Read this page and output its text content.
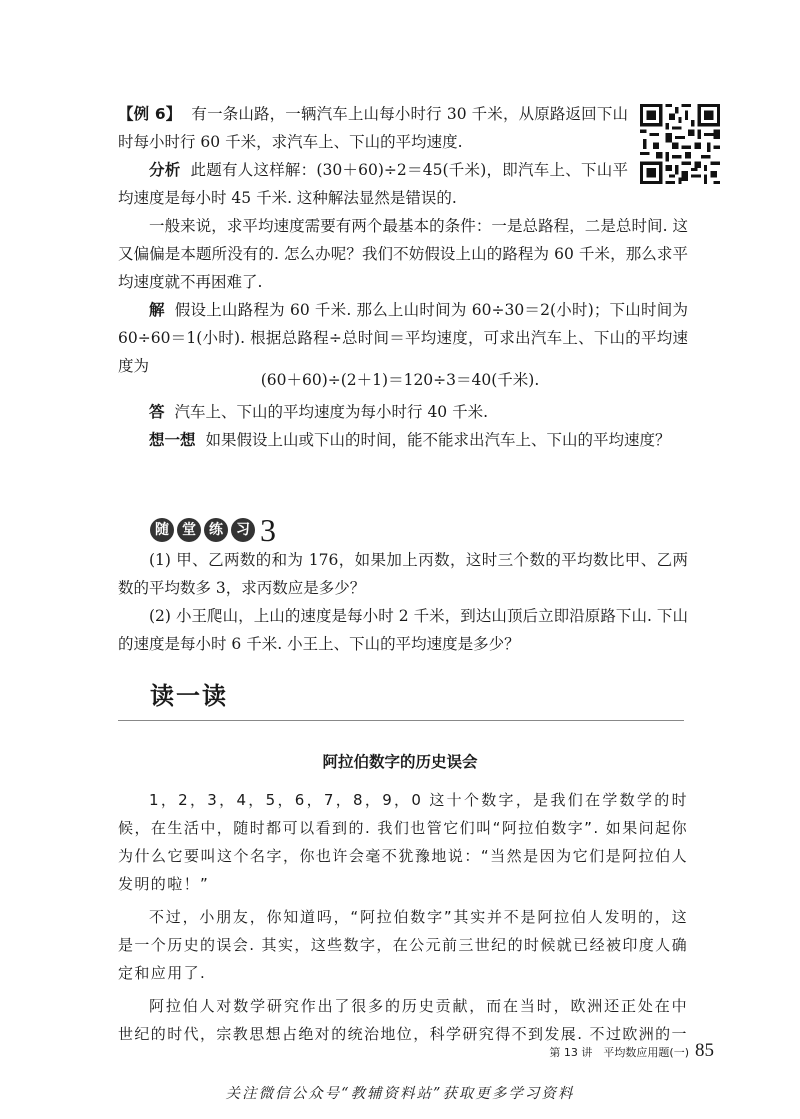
【例 6】 有一条山路，一辆汽车上山每小时行 30 千米，从原路返回下山时每小时行 60 千米，求汽车上、下山的平均速度.

分析 此题有人这样解：(30＋60)÷2＝45(千米)，即汽车上、下山平均速度是每小时 45 千米. 这种解法显然是错误的.

一般来说，求平均速度需要有两个最基本的条件：一是总路程，二是总时间. 这又偏偏是本题所没有的. 怎么办呢？我们不妨假设上山的路程为 60 千米，那么求平均速度就不再困难了.

解 假设上山路程为 60 千米. 那么上山时间为 60÷30＝2(小时)；下山时间为 60÷60＝1(小时). 根据总路程÷总时间＝平均速度，可求出汽车上、下山的平均速度为

(60＋60)÷(2＋1)＝120÷3＝40(千米).

答 汽车上、下山的平均速度为每小时行 40 千米.

想一想 如果假设上山或下山的时间，能不能求出汽车上、下山的平均速度？

随 堂 练 习 3

(1) 甲、乙两数的和为 176，如果加上丙数，这时三个数的平均数比甲、乙两数的平均数多 3，求丙数应是多少？

(2) 小王爬山，上山的速度是每小时 2 千米，到达山顶后立即沿原路下山. 下山的速度是每小时 6 千米. 小王上、下山的平均速度是多少？

读一读
阿拉伯数字的历史误会

1，2，3，4，5，6，7，8，9，0 这十个数字，是我们在学数学的时候，在生活中，随时都可以看到的. 我们也管它们叫“阿拉伯数字”. 如果问起你为什么它要叫这个名字，你也许会毫不犹豫地说：“当然是因为它们是阿拉伯人发明的啦！”

不过，小朋友，你知道吗，“阿拉伯数字”其实并不是阿拉伯人发明的，这是一个历史的误会. 其实，这些数字，在公元前三世纪的时候就已经被印度人确定和应用了.

阿拉伯人对数学研究作出了很多的历史贡献，而在当时，欧洲还正处在中世纪的时代，宗教思想占绝对的统治地位，科学研究得不到发展. 不过欧洲的一

第 13 讲　平均数应用题(一) 85
关注微信公众号“教辅资料站”获取更多学习资料
